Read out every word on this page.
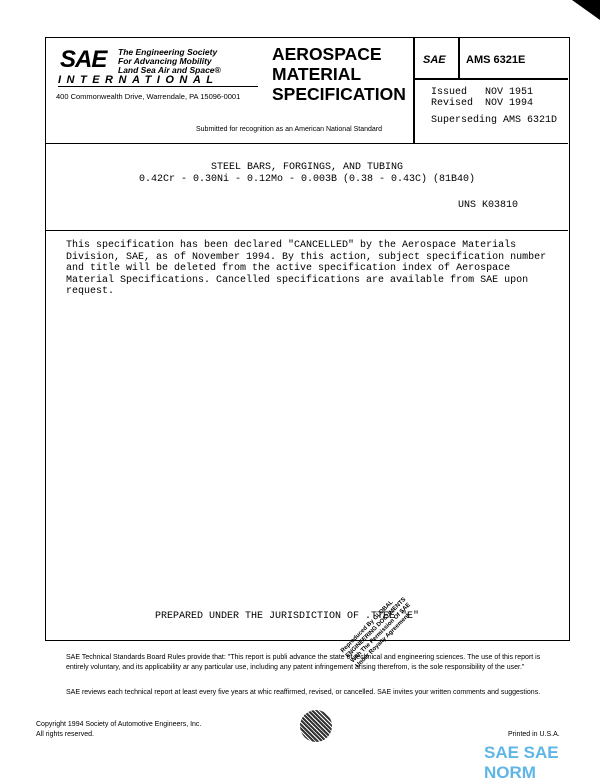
SAE The Engineering Society
For Advancing Mobility
Land Sea Air and Space®
INTERNATIONAL
400 Commonwealth Drive, Warrendale, PA 15096-0001
AEROSPACE
MATERIAL
SPECIFICATION
Submitted for recognition as an American National Standard
SAE AMS 6321E
Issued   NOV 1951
Revised  NOV 1994
Superseding AMS 6321D
STEEL BARS, FORGINGS, AND TUBING
0.42Cr - 0.30Ni - 0.12Mo - 0.003B (0.38 - 0.43C) (81B40)
UNS K03810
This specification has been declared "CANCELLED" by the Aerospace Materials Division, SAE, as of November 1994. By this action, subject specification number and title will be deleted from the active specification index of Aerospace Material Specifications. Cancelled specifications are available from SAE upon request.
PREPARED UNDER THE JURISDICTION OF .TTEE "E"
SAE Technical Standards Board Rules provide that: "This report is publi advance the state of technical and engineering sciences. The use of this report is entirely voluntary, and its applicability ar any particular use, including any patent infringement arising therefrom, is the sole responsibility of the user."
SAE reviews each technical report at least every five years at whic reaffirmed, revised, or cancelled. SAE invites your written comments and suggestions.
Reproduced By GLOBAL ENGINEERING DOCUMENTS With The Permission Of SAE Under Royalty Agreement
Copyright 1994 Society of Automotive Engineers, Inc.
All rights reserved.	Printed in U.S.A.
SAE SAE NORM
